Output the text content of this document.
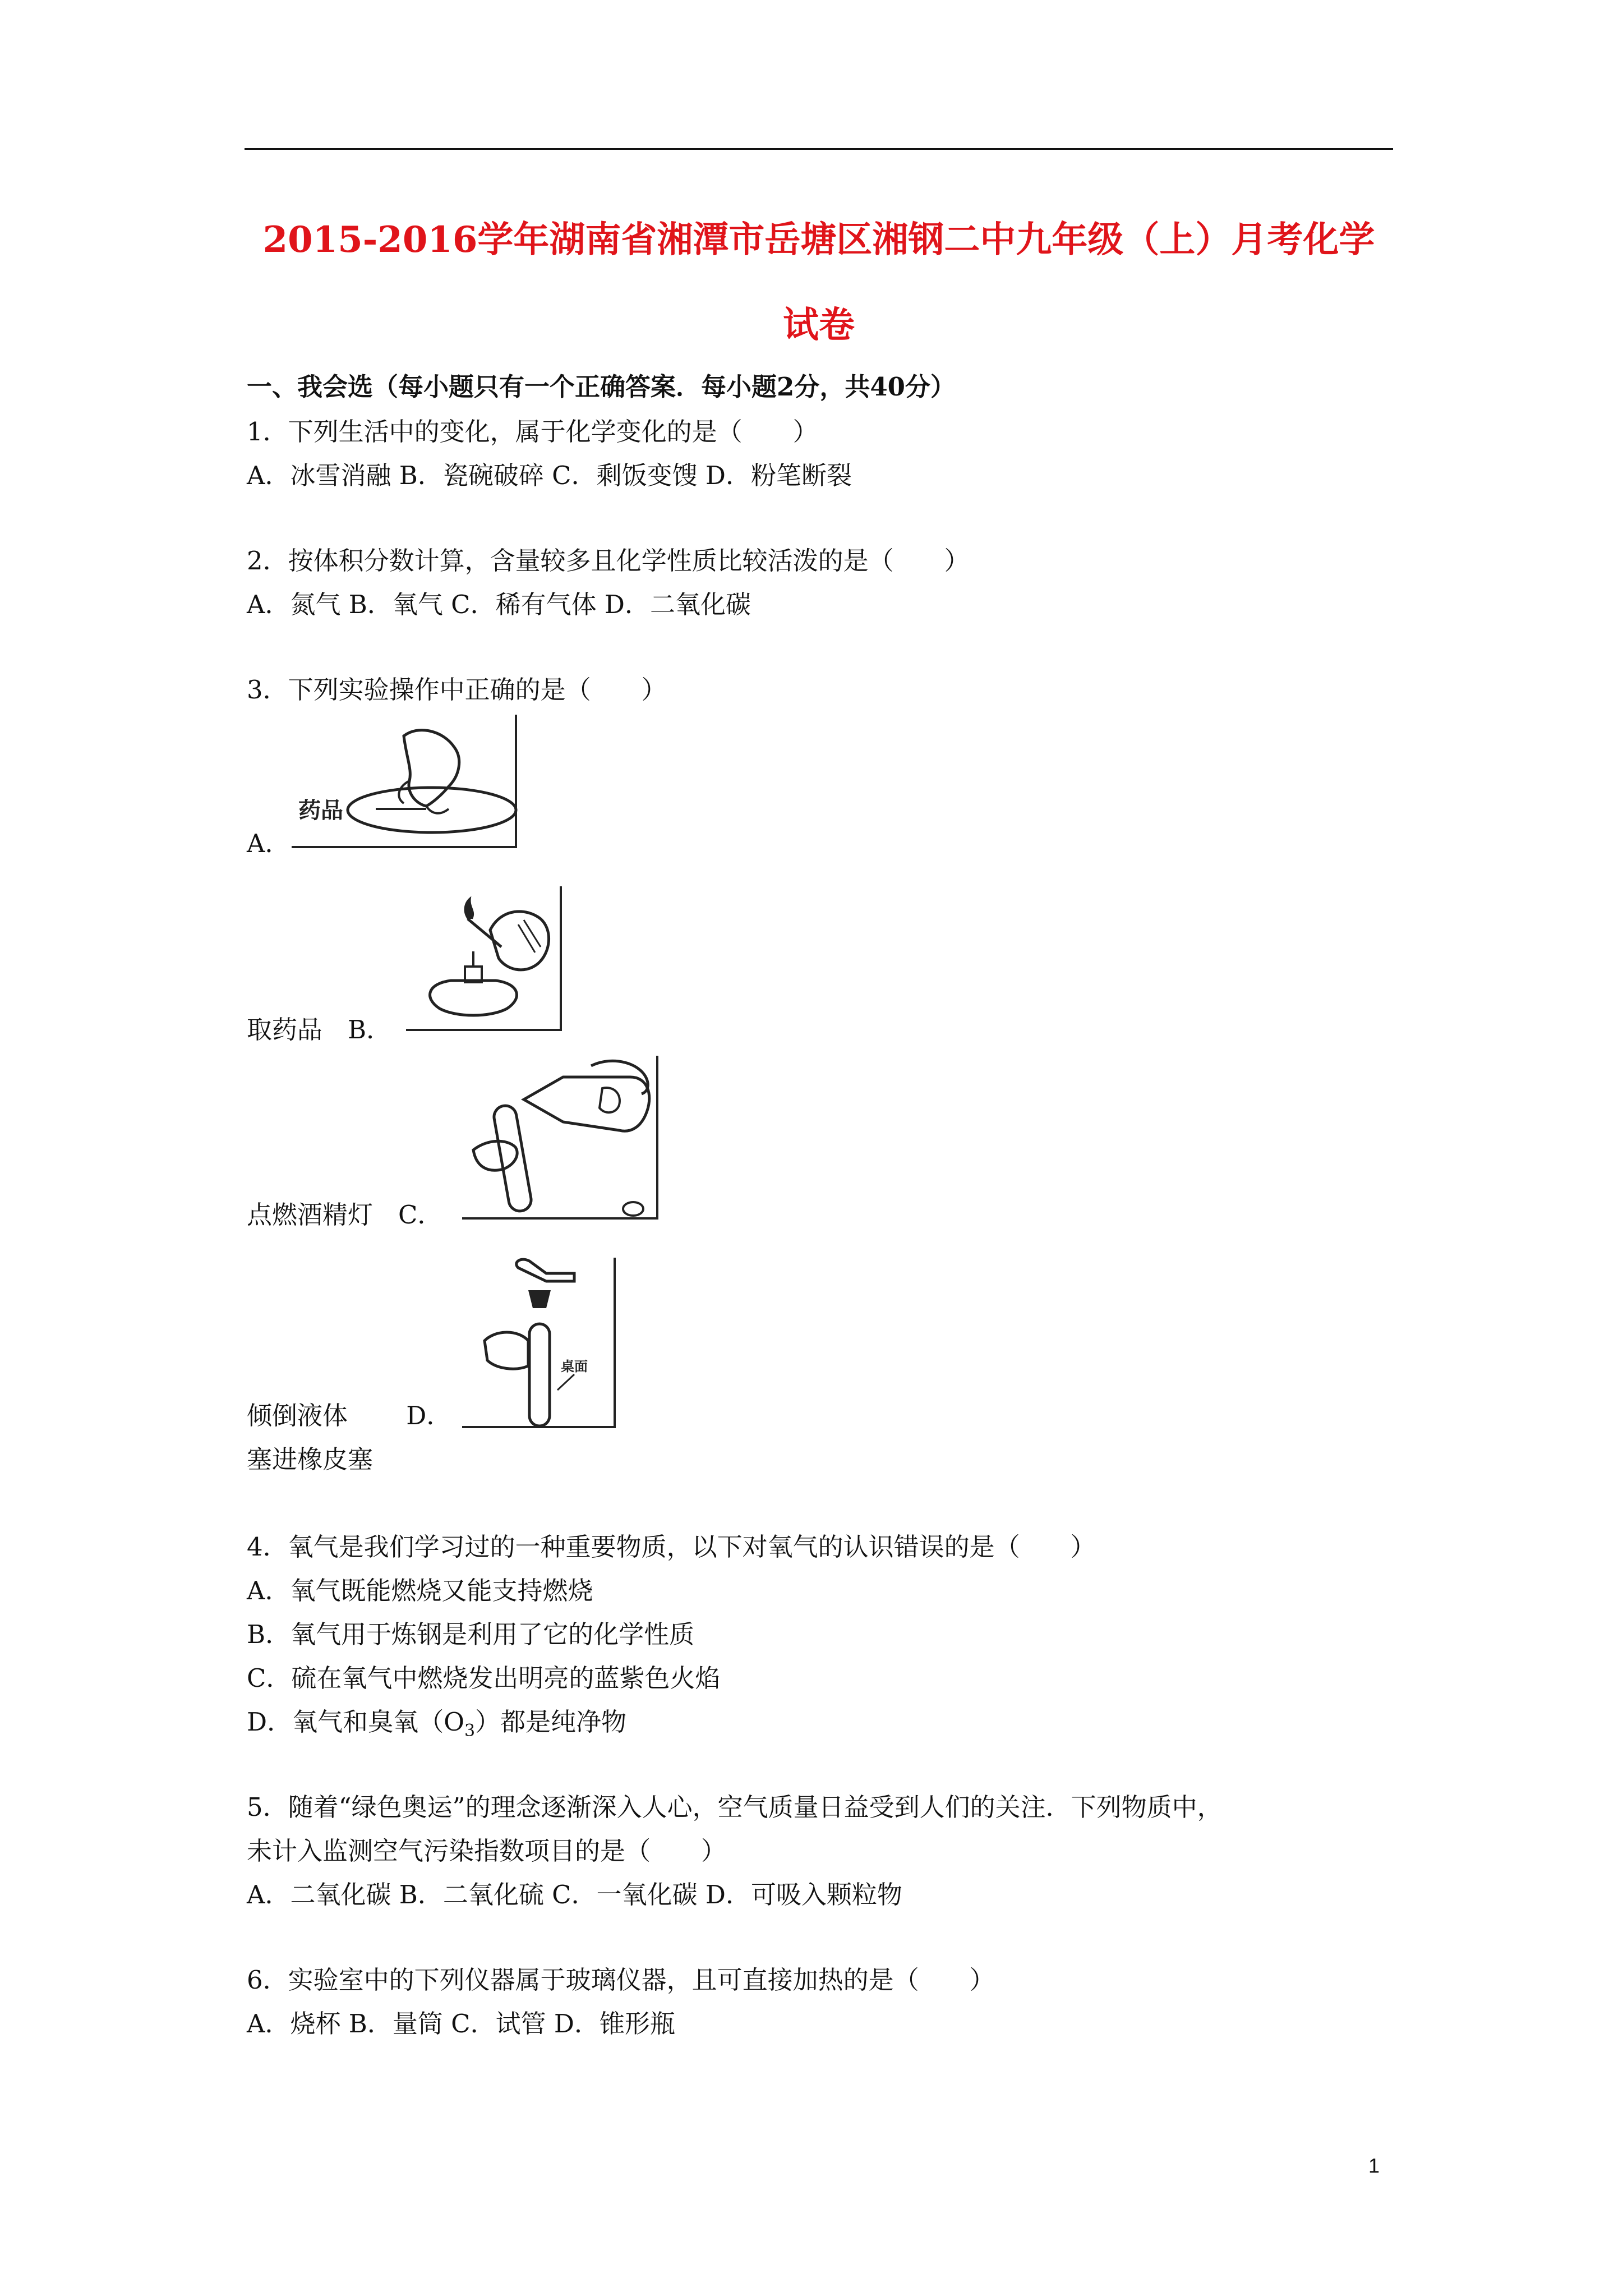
2015-2016学年湖南省湘潭市岳塘区湘钢二中九年级（上）月考化学
试卷
一、我会选（每小题只有一个正确答案．每小题2分，共40分）
1．下列生活中的变化，属于化学变化的是（　　）
A．冰雪消融 B．瓷碗破碎 C．剩饭变馊 D．粉笔断裂
2．按体积分数计算，含量较多且化学性质比较活泼的是（　　）
A．氮气 B．氧气 C．稀有气体 D．二氧化碳
3．下列实验操作中正确的是（　　）
药品
A．
取药品　B．
点燃酒精灯　C．
桌面
倾倒液体　　 D．
塞进橡皮塞
4．氧气是我们学习过的一种重要物质，以下对氧气的认识错误的是（　　）
A．氧气既能燃烧又能支持燃烧
B．氧气用于炼钢是利用了它的化学性质
C．硫在氧气中燃烧发出明亮的蓝紫色火焰
D．氧气和臭氧$(O_3)$都是纯净物
5．随着“绿色奥运”的理念逐渐深入人心，空气质量日益受到人们的关注．下列物质中，
未计入监测空气污染指数项目的是（　　）
A．二氧化碳 B．二氧化硫 C．一氧化碳 D．可吸入颗粒物
6．实验室中的下列仪器属于玻璃仪器，且可直接加热的是（　　）
A．烧杯 B．量筒 C．试管 D．锥形瓶
1
